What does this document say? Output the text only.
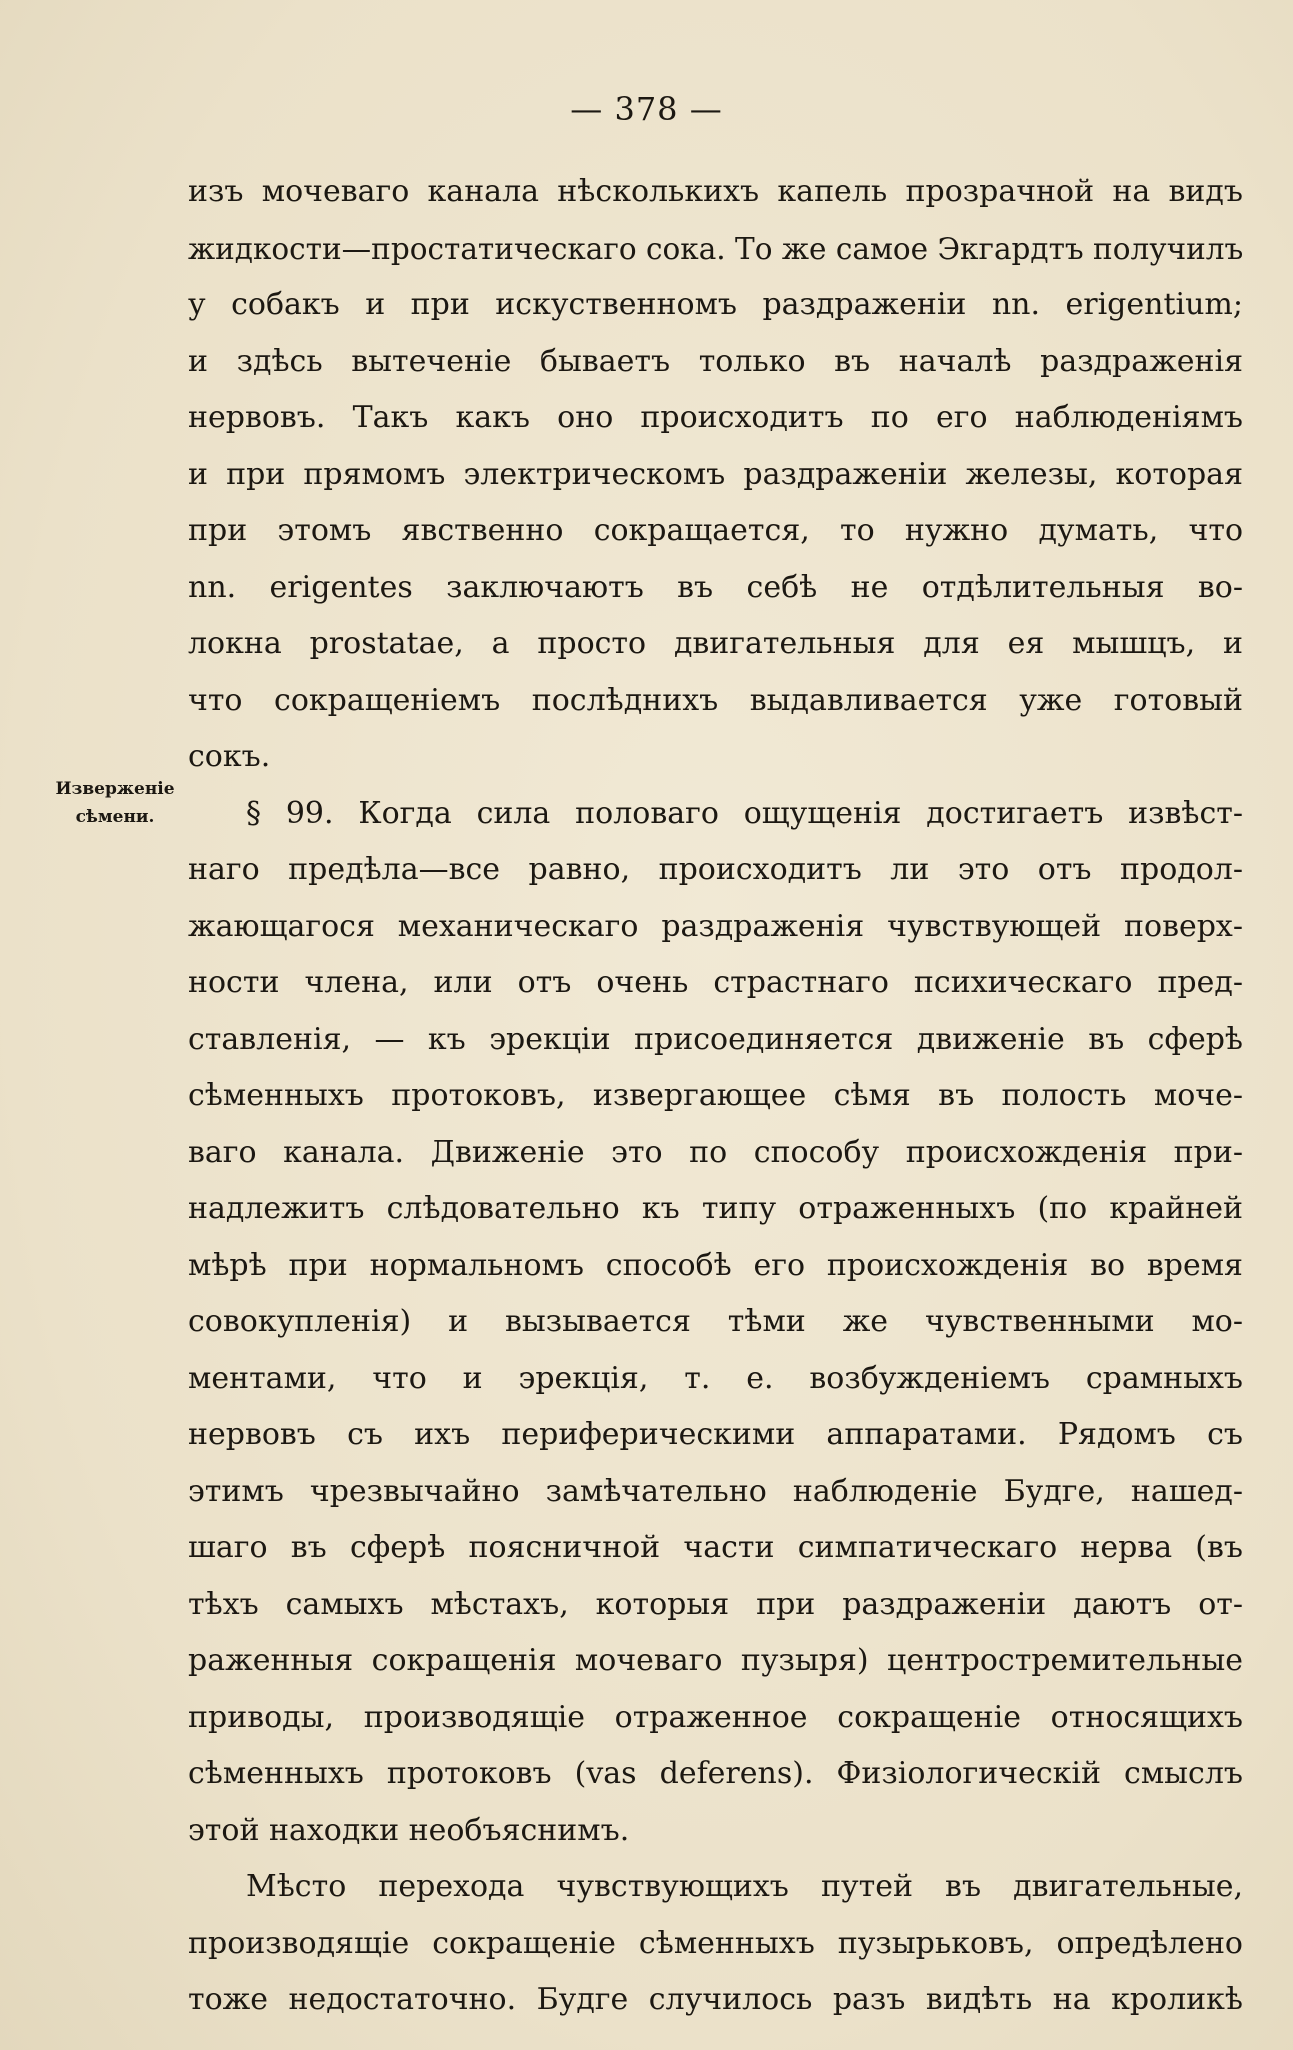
— 378 —
Изверженіе
сѣмени.
изъ мочеваго канала нѣсколькихъ капель прозрачной на видъ
жидкости—простатическаго сока. То же самое Экгардтъ получилъ
у собакъ и при искуственномъ раздраженіи nn. erigentium;
и здѣсь вытеченіе бываетъ только въ началѣ раздраженія
нервовъ. Такъ какъ оно происходитъ по его наблюденіямъ
и при прямомъ электрическомъ раздраженіи железы, которая
при этомъ явственно сокращается, то нужно думать, что
nn. erigentes заключаютъ въ себѣ не отдѣлительныя во-
локна prostatae, а просто двигательныя для ея мышцъ, и
что сокращеніемъ послѣднихъ выдавливается уже готовый
сокъ.
§ 99. Когда сила половаго ощущенія достигаетъ извѣст-
наго предѣла—все равно, происходитъ ли это отъ продол-
жающагося механическаго раздраженія чувствующей поверх-
ности члена, или отъ очень страстнаго психическаго пред-
ставленія, — къ эрекціи присоединяется движеніе въ сферѣ
сѣменныхъ протоковъ, извергающее сѣмя въ полость моче-
ваго канала. Движеніе это по способу происхожденія при-
надлежитъ слѣдовательно къ типу отраженныхъ (по крайней
мѣрѣ при нормальномъ способѣ его происхожденія во время
совокупленія) и вызывается тѣми же чувственными мо-
ментами, что и эрекція, т. е. возбужденіемъ срамныхъ
нервовъ съ ихъ периферическими аппаратами. Рядомъ съ
этимъ чрезвычайно замѣчательно наблюденіе Будге, нашед-
шаго въ сферѣ поясничной части симпатическаго нерва (въ
тѣхъ самыхъ мѣстахъ, которыя при раздраженіи даютъ от-
раженныя сокращенія мочеваго пузыря) центростремительные
приводы, производящіе отраженное сокращеніе относящихъ
сѣменныхъ протоковъ (vas deferens). Физіологическій смыслъ
этой находки необъяснимъ.
Мѣсто перехода чувствующихъ путей въ двигательные,
производящіе сокращеніе сѣменныхъ пузырьковъ, опредѣлено
тоже недостаточно. Будге случилось разъ видѣть на кроликѣ
